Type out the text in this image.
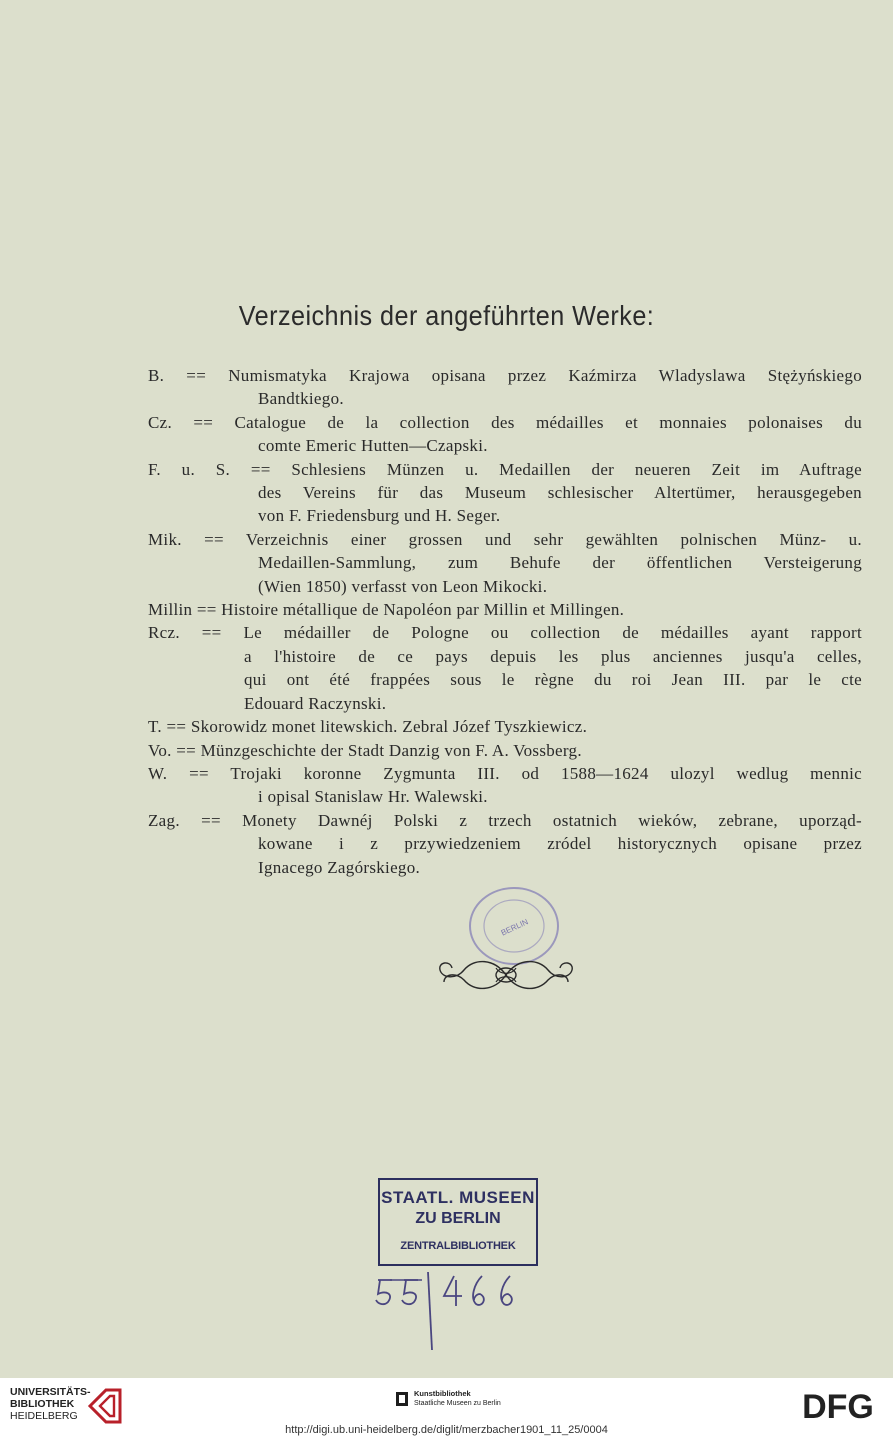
Verzeichnis der angeführten Werke:
B. == Numismatyka Krajowa opisana przez Kaźmirza Wladyslawa Stężyńskiego
Bandtkiego.
Cz. == Catalogue de la collection des médailles et monnaies polonaises du
comte Emeric Hutten—Czapski.
F. u. S. == Schlesiens Münzen u. Medaillen der neueren Zeit im Auftrage
des Vereins für das Museum schlesischer Altertümer, herausgegeben
von F. Friedensburg und H. Seger.
Mik. == Verzeichnis einer grossen und sehr gewählten polnischen Münz- u.
Medaillen-Sammlung, zum Behufe der öffentlichen Versteigerung
(Wien 1850) verfasst von Leon Mikocki.
Millin == Histoire métallique de Napoléon par Millin et Millingen.
Rcz. == Le médailler de Pologne ou collection de médailles ayant rapport
a l'histoire de ce pays depuis les plus anciennes jusqu'a celles,
qui ont été frappées sous le règne du roi Jean III. par le cte
Edouard Raczynski.
T. == Skorowidz monet litewskich. Zebral Józef Tyszkiewicz.
Vo. == Münzgeschichte der Stadt Danzig von F. A. Vossberg.
W. == Trojaki koronne Zygmunta III. od 1588—1624 ulozyl wedlug mennic
i opisal Stanislaw Hr. Walewski.
Zag. == Monety Dawnéj Polski z trzech ostatnich wieków, zebrane, uporząd-
kowane i z przywiedzeniem zródel historycznych opisane przez
Ignacego Zagórskiego.
BERLIN
STAATL. MUSEEN
ZU BERLIN
ZENTRALBIBLIOTHEK
UNIVERSITÄTS-
BIBLIOTHEK
HEIDELBERG
Kunstbibliothek
Staatliche Museen zu Berlin	DFG
http://digi.ub.uni-heidelberg.de/diglit/merzbacher1901_11_25/0004
